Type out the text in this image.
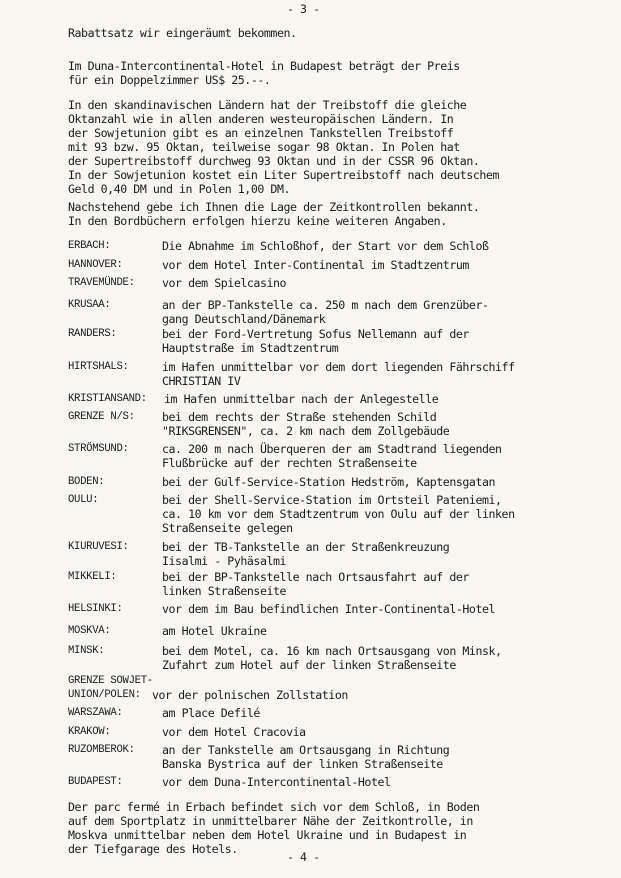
- 3 -
Rabattsatz wir eingeräumt bekommen.
Im Duna-Intercontinental-Hotel in Budapest beträgt der Preis
für ein Doppelzimmer US$ 25.--.
In den skandinavischen Ländern hat der Treibstoff die gleiche
Oktanzahl wie in allen anderen westeuropäischen Ländern. In
der Sowjetunion gibt es an einzelnen Tankstellen Treibstoff
mit 93 bzw. 95 Oktan, teilweise sogar 98 Oktan. In Polen hat
der Supertreibstoff durchweg 93 Oktan und in der CSSR 96 Oktan.
In der Sowjetunion kostet ein Liter Supertreibstoff nach deutschem
Geld 0,40 DM und in Polen 1,00 DM.
Nachstehend gebe ich Ihnen die Lage der Zeitkontrollen bekannt.
In den Bordbüchern erfolgen hierzu keine weiteren Angaben.
ERBACH:	Die Abnahme im Schloßhof, der Start vor dem Schloß
HANNOVER:	vor dem Hotel Inter-Continental im Stadtzentrum
TRAVEMÜNDE: vor dem Spielcasino
KRUSAA:	an der BP-Tankstelle ca. 250 m nach dem Grenzüber-
gang Deutschland/Dänemark
RANDERS:	bei der Ford-Vertretung Sofus Nellemann auf der
Hauptstraße im Stadtzentrum
HIRTSHALS:	im Hafen unmittelbar vor dem dort liegenden Fährschiff
CHRISTIAN IV
KRISTIANSAND: im Hafen unmittelbar nach der Anlegestelle
GRENZE N/S: bei dem rechts der Straße stehenden Schild
"RIKSGRENSEN", ca. 2 km nach dem Zollgebäude
STRÖMSUND:	ca. 200 m nach Überqueren der am Stadtrand liegenden
Flußbrücke auf der rechten Straßenseite
BODEN:	bei der Gulf-Service-Station Hedström, Kaptensgatan
OULU:	bei der Shell-Service-Station im Ortsteil Pateniemi,
ca. 10 km vor dem Stadtzentrum von Oulu auf der linken
Straßenseite gelegen
KIURUVESI:	bei der TB-Tankstelle an der Straßenkreuzung
Iisalmi - Pyhäsalmi
MIKKELI:	bei der BP-Tankstelle nach Ortsausfahrt auf der
linken Straßenseite
HELSINKI:	vor dem im Bau befindlichen Inter-Continental-Hotel
MOSKVA:	am Hotel Ukraine
MINSK:	bei dem Motel, ca. 16 km nach Ortsausgang von Minsk,
Zufahrt zum Hotel auf der linken Straßenseite
GRENZE SOWJET-
UNION/POLEN: vor der polnischen Zollstation
WARSZAWA:	am Place Defilé
KRAKOW:	vor dem Hotel Cracovia
RUZOMBEROK: an der Tankstelle am Ortsausgang in Richtung
Banska Bystrica auf der linken Straßenseite
BUDAPEST:	vor dem Duna-Intercontinental-Hotel
Der parc fermé in Erbach befindet sich vor dem Schloß, in Boden
auf dem Sportplatz in unmittelbarer Nähe der Zeitkontrolle, in
Moskva unmittelbar neben dem Hotel Ukraine und in Budapest in
der Tiefgarage des Hotels.
- 4 -
